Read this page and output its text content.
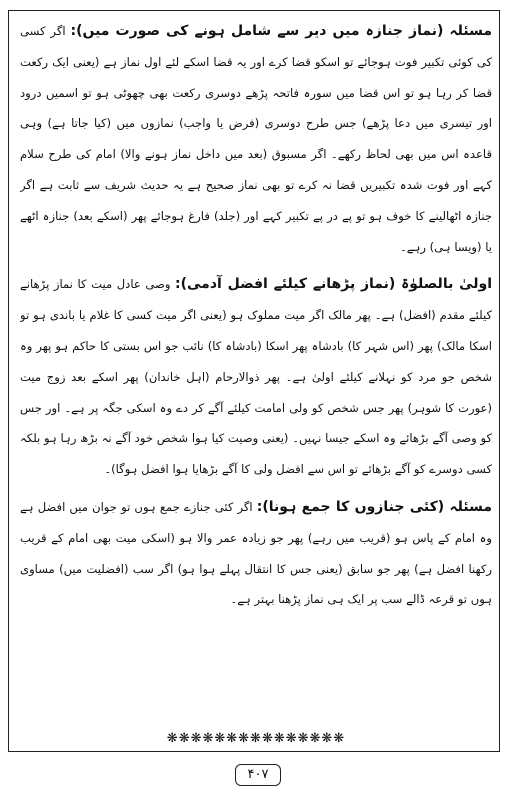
مسئلہ (نماز جنازہ میں دیر سے شامل ہونے کی صورت میں): اگر کسی کی کوئی تکبیر فوت ہوجائے تو اسکو قضا کرے اور یہ قضا اسکے لئے اول نماز ہے (یعنی ایک رکعت قضا کر رہا ہو تو اس قضا میں سورہ فاتحہ پڑھے دوسری رکعت بھی چھوٹی ہو تو اسمیں درود اور تیسری میں دعا پڑھے) جس طرح دوسری (فرض یا واجب) نمازوں میں (کیا جاتا ہے) وہی قاعدہ اس میں بھی لحاظ رکھے۔ اگر مسبوق (بعد میں داخل نماز ہونے والا) امام کی طرح سلام کہے اور فوت شدہ تکبیریں قضا نہ کرے تو بھی نماز صحیح ہے یہ حدیث شریف سے ثابت ہے اگر جنازہ اٹھالینے کا خوف ہو تو پے در پے تکبیر کہے اور (جلد) فارغ ہوجائے پھر (اسکے بعد) جنازہ اٹھے یا (ویسا ہی) رہے۔

اولیٰ بالصلوٰۃ (نماز پڑھانے کیلئے افضل آدمی): وصی عادل میت کا نماز پڑھانے کیلئے مقدم (افضل) ہے۔ پھر مالک اگر میت مملوک ہو (یعنی اگر میت کسی کا غلام یا باندی ہو تو اسکا مالک) پھر (اس شہر کا) بادشاہ پھر اسکا (بادشاہ کا) نائب جو اس بستی کا حاکم ہو پھر وہ شخص جو مرد کو نہلانے کیلئے اولیٰ ہے۔ پھر ذوالارحام (اہل خاندان) پھر اسکے بعد زوج میت (عورت کا شوہر) پھر جس شخص کو ولی امامت کیلئے آگے کر دے وہ اسکی جگہ پر ہے۔ اور جس کو وصی آگے بڑھائے وہ اسکے جیسا نہیں۔ (یعنی وصیت کیا ہوا شخص خود آگے نہ بڑھ رہا ہو بلکہ کسی دوسرے کو آگے بڑھائے تو اس سے افضل ولی کا آگے بڑھایا ہوا افضل ہوگا)۔

مسئلہ (کئی جنازوں کا جمع ہونا): اگر کئی جنازے جمع ہوں تو جوان میں افضل ہے وہ امام کے پاس ہو (قریب میں رہے) پھر جو زیادہ عمر والا ہو (اسکی میت بھی امام کے قریب رکھنا افضل ہے) پھر جو سابق (یعنی جس کا انتقال پہلے ہوا ہو) اگر سب (افضلیت میں) مساوی ہوں تو قرعہ ڈالے سب پر ایک ہی نماز پڑھنا بہتر ہے۔

❋❋❋❋❋❋❋❋❋❋❋❋❋❋❋
۴۰۷
